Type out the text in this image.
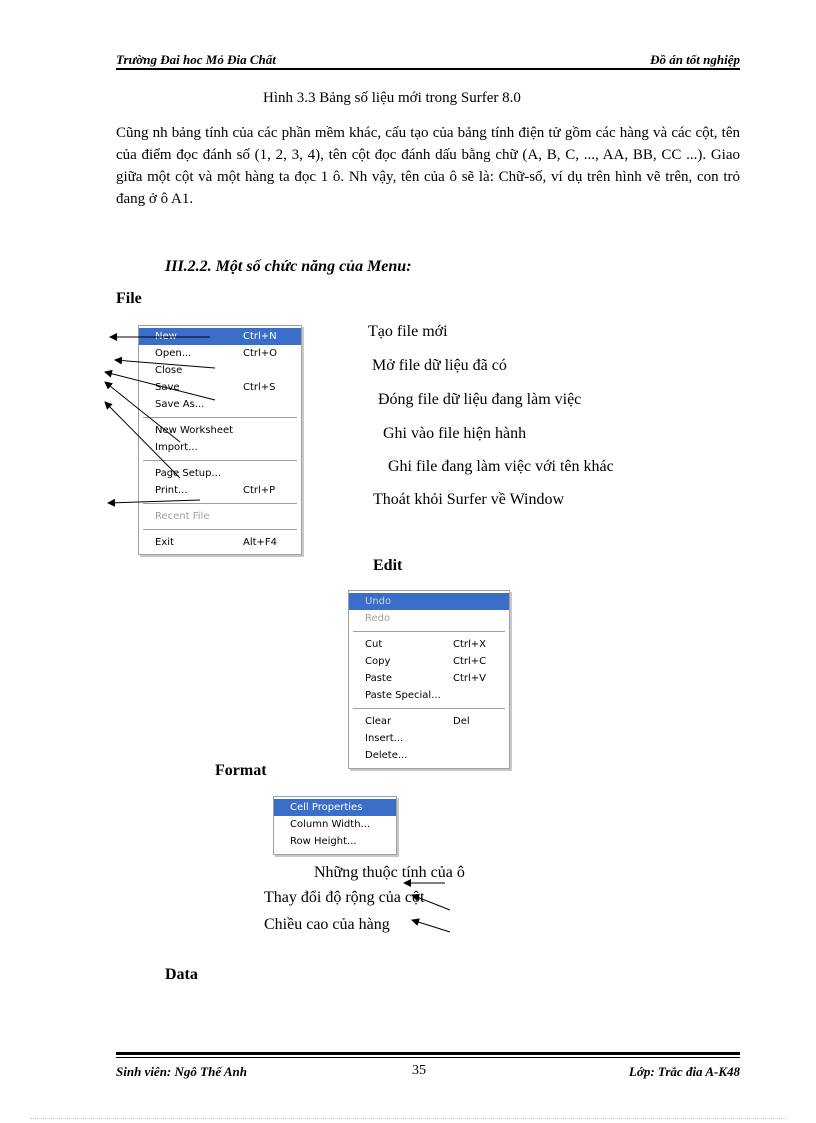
Trường Đai hoc Mỏ Đia Chất	Đồ án tốt nghiệp
Hình 3.3 Bảng số liệu mới trong Surfer 8.0
Cũng nh bảng tính của các phần mềm khác, cấu tạo của bảng tính điện tử gồm các hàng và các cột, tên của điểm đọc đánh số (1, 2, 3, 4), tên cột đọc đánh dấu bằng chữ (A, B, C, ..., AA, BB, CC ...). Giao giữa một cột và một hàng ta đọc 1 ô. Nh vậy, tên của ô sẽ là: Chữ-số, ví dụ trên hình vẽ trên, con trỏ đang ở ô A1.
III.2.2. Một số chức năng của Menu:
File
New	Ctrl+N
Open...	Ctrl+O
Close
Save	Ctrl+S
Save As...
New Worksheet
Import...
Page Setup...
Print...	Ctrl+P
Recent File
Exit	Alt+F4
Tạo file mới
Mở file dữ liệu đã có
Đóng file dữ liệu đang làm việc
Ghi vào file hiện hành
Ghi file đang làm việc với tên khác
Thoát khỏi Surfer về Window
Edit
Undo
Redo
Cut	Ctrl+X
Copy	Ctrl+C
Paste	Ctrl+V
Paste Special...
Clear	Del
Insert...
Delete...
Format
Cell Properties
Column Width...
Row Height...
Những thuộc tính của ô
Thay đổi độ rộng của cột
Chiều cao của hàng
Data
Sinh viên: Ngô Thế Anh	35	Lớp: Trắc đia A-K48
